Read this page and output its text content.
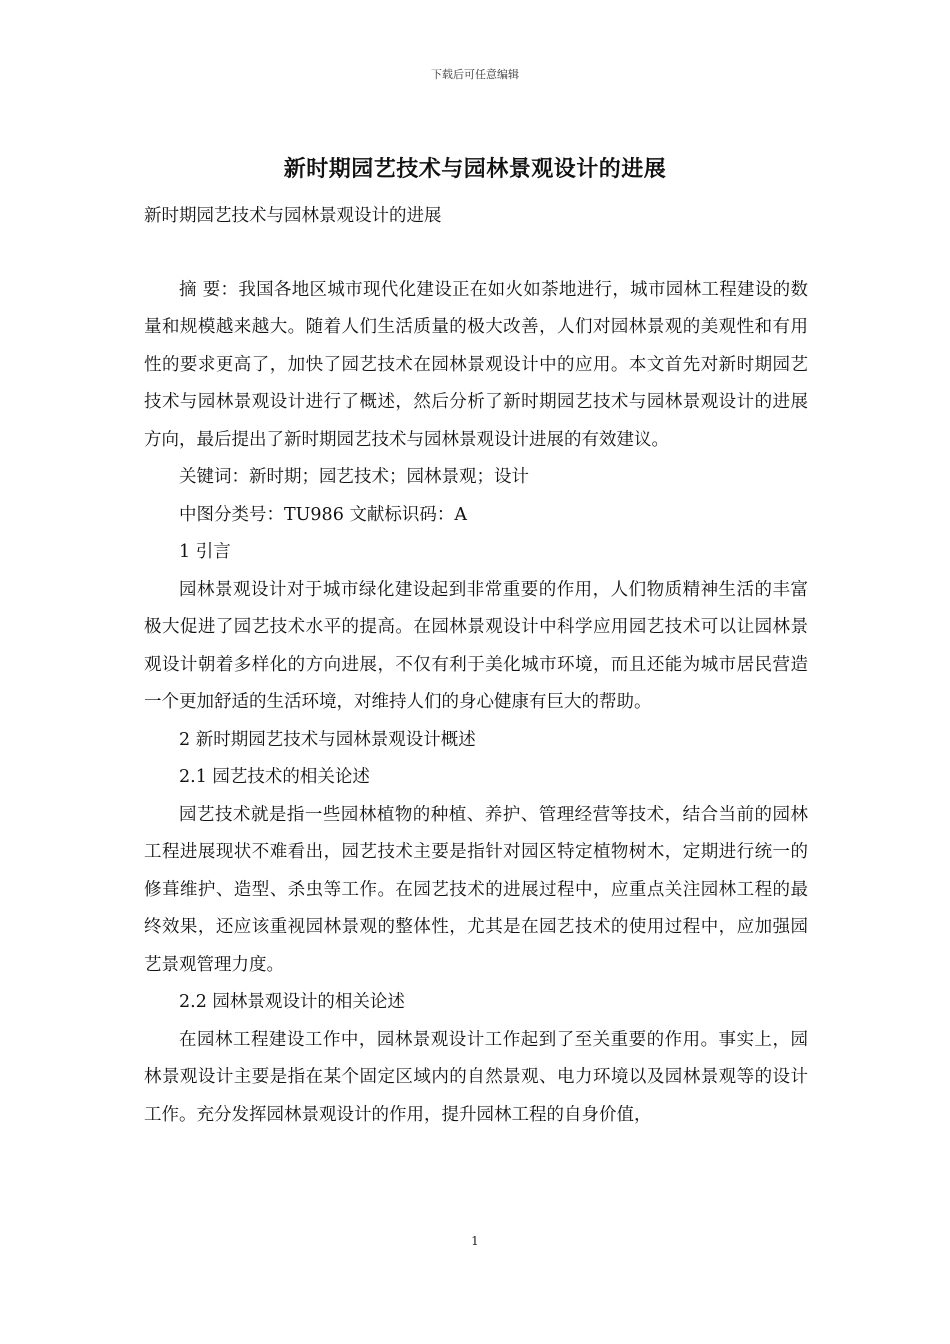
下载后可任意编辑
新时期园艺技术与园林景观设计的进展

新时期园艺技术与园林景观设计的进展

摘 要：我国各地区城市现代化建设正在如火如荼地进行，城市园林工程建设的数量和规模越来越大。随着人们生活质量的极大改善，人们对园林景观的美观性和有用性的要求更高了，加快了园艺技术在园林景观设计中的应用。本文首先对新时期园艺技术与园林景观设计进行了概述，然后分析了新时期园艺技术与园林景观设计的进展方向，最后提出了新时期园艺技术与园林景观设计进展的有效建议。

关键词：新时期；园艺技术；园林景观；设计

中图分类号：TU986 文献标识码：A

1 引言

园林景观设计对于城市绿化建设起到非常重要的作用，人们物质精神生活的丰富极大促进了园艺技术水平的提高。在园林景观设计中科学应用园艺技术可以让园林景观设计朝着多样化的方向进展，不仅有利于美化城市环境，而且还能为城市居民营造一个更加舒适的生活环境，对维持人们的身心健康有巨大的帮助。

2 新时期园艺技术与园林景观设计概述

2.1 园艺技术的相关论述

园艺技术就是指一些园林植物的种植、养护、管理经营等技术，结合当前的园林工程进展现状不难看出，园艺技术主要是指针对园区特定植物树木，定期进行统一的修葺维护、造型、杀虫等工作。在园艺技术的进展过程中，应重点关注园林工程的最终效果，还应该重视园林景观的整体性，尤其是在园艺技术的使用过程中，应加强园艺景观管理力度。

2.2 园林景观设计的相关论述

在园林工程建设工作中，园林景观设计工作起到了至关重要的作用。事实上，园林景观设计主要是指在某个固定区域内的自然景观、电力环境以及园林景观等的设计工作。充分发挥园林景观设计的作用，提升园林工程的自身价值，

1
